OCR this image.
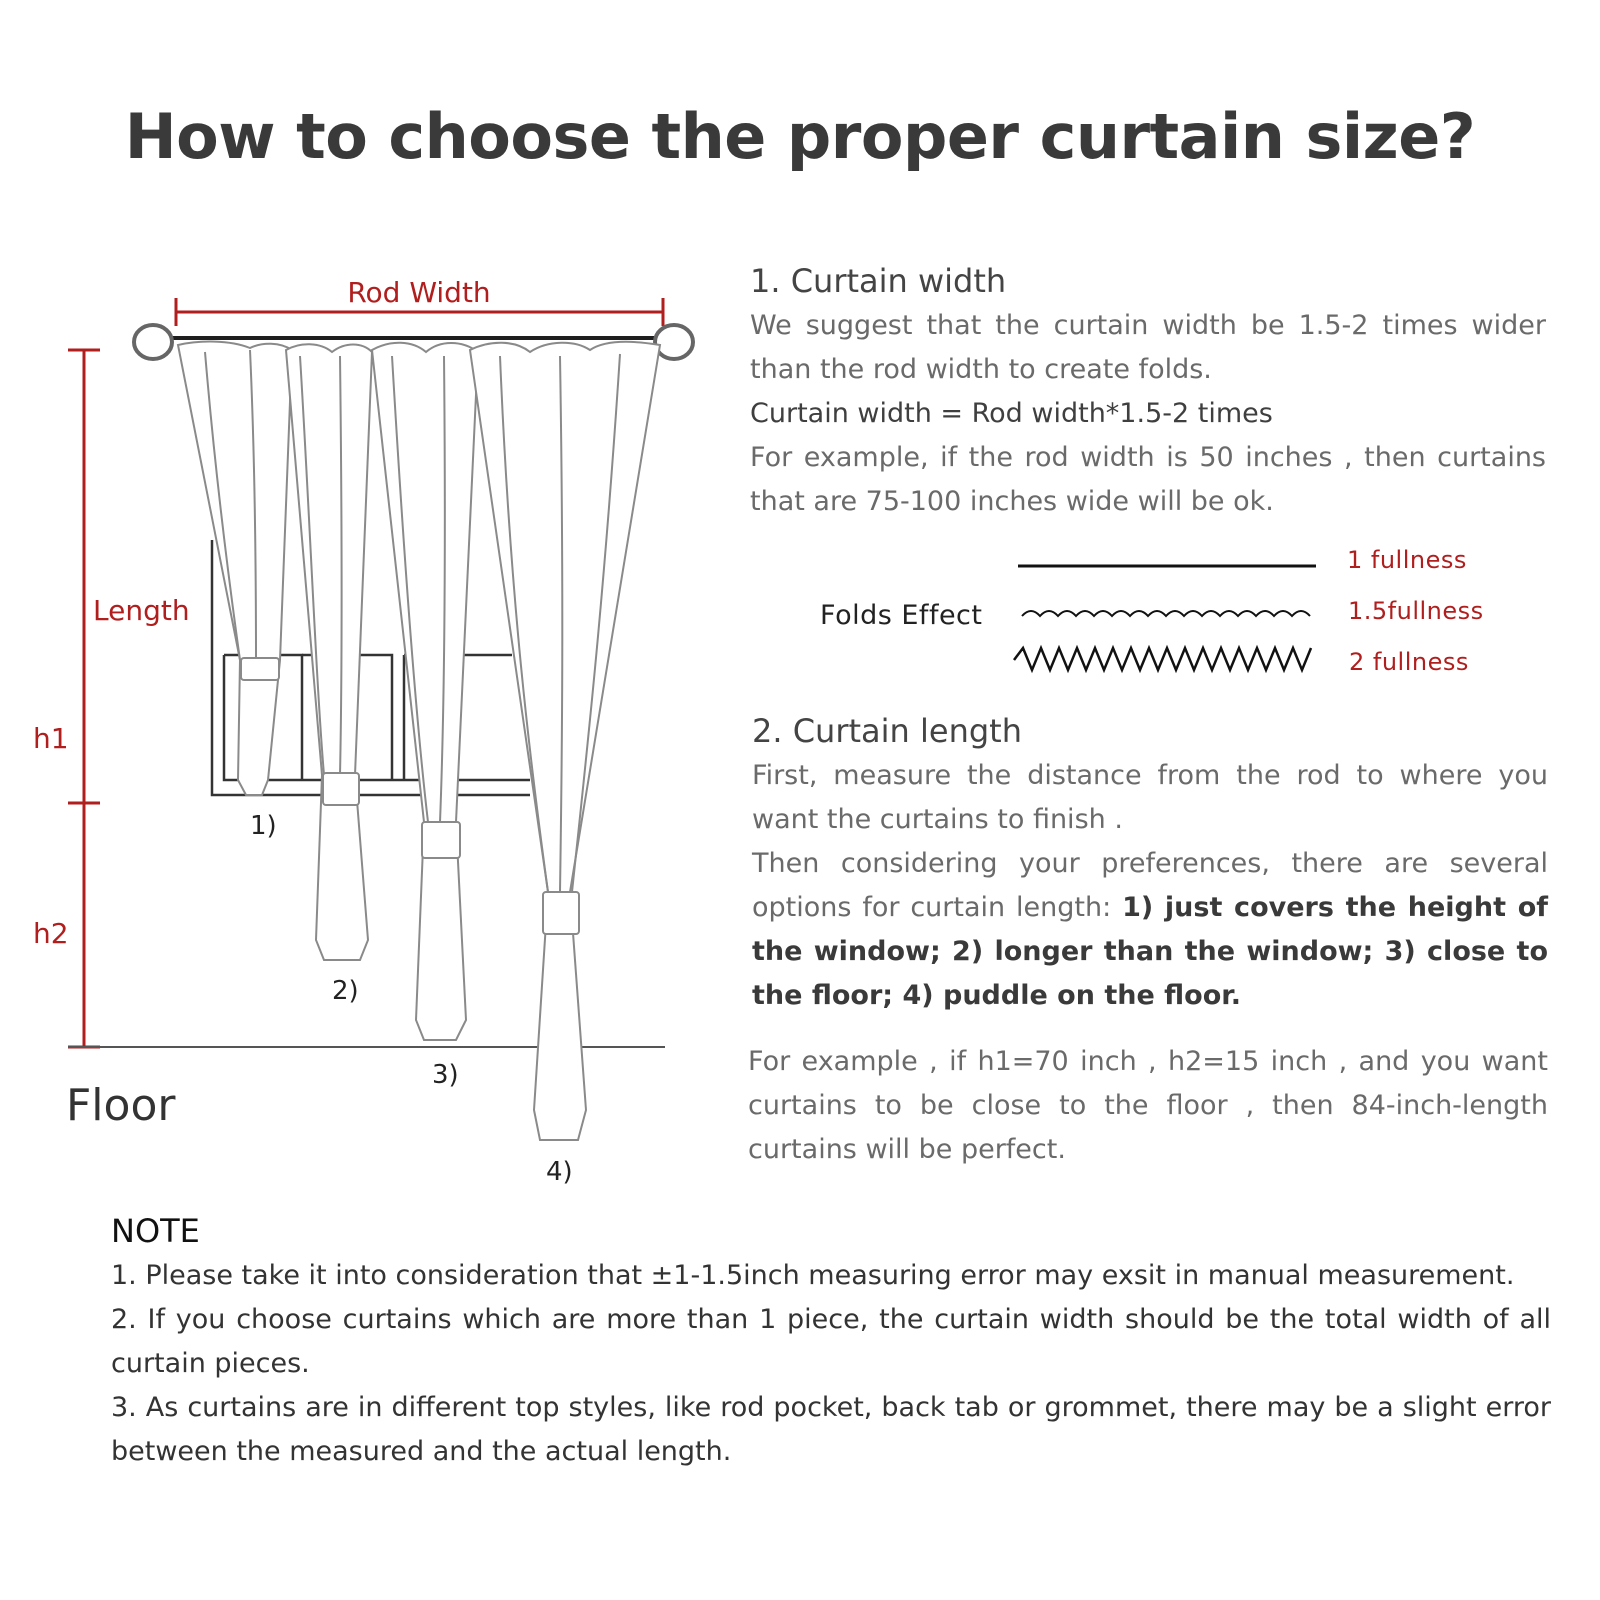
How to choose the proper curtain size?
Rod Width
Length
h1
h2
Floor
1)
2)
3)
4)
1. Curtain width
We suggest that the curtain width be 1.5-2 times wider than the rod width to create folds.
Curtain width = Rod width*1.5-2 times
For example, if the rod width is 50 inches , then curtains that are 75-100 inches wide will be ok.
Folds Effect
1 fullness
1.5fullness
2 fullness
2. Curtain length
First, measure the distance from the rod to where you want the curtains to finish .
Then considering your preferences, there are several options for curtain length: 1) just covers the height of the window; 2) longer than the window; 3) close to the floor; 4) puddle on the floor.
For example , if h1=70 inch , h2=15 inch , and you want curtains to be close to the floor , then 84-inch-length curtains will be perfect.
NOTE
1. Please take it into consideration that ±1-1.5inch measuring error may exsit in manual measurement.
2. If you choose curtains which are more than 1 piece, the curtain width should be the total width of all curtain pieces.
3. As curtains are in different top styles, like rod pocket, back tab or grommet, there may be a slight error between the measured and the actual length.
